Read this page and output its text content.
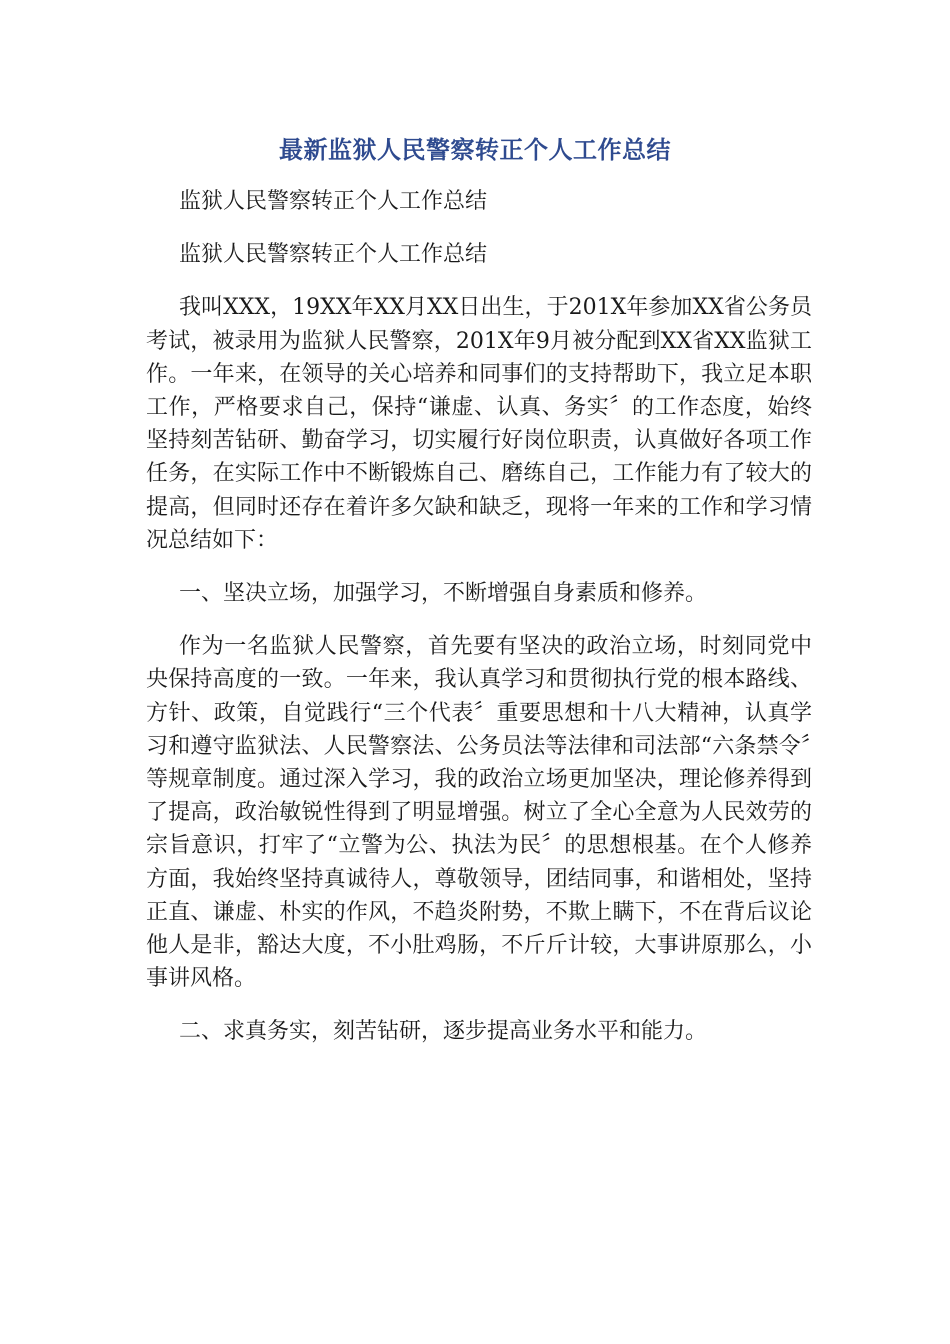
最新监狱人民警察转正个人工作总结

监狱人民警察转正个人工作总结

监狱人民警察转正个人工作总结

我叫XXX，19XX年XX月XX日出生，于201X年参加XX省公务员考试，被录用为监狱人民警察，201X年9月被分配到XX省XX监狱工作。一年来，在领导的关心培养和同事们的支持帮助下，我立足本职工作，严格要求自己，保持“谦虚、认真、务实〞的工作态度，始终坚持刻苦钻研、勤奋学习，切实履行好岗位职责，认真做好各项工作任务，在实际工作中不断锻炼自己、磨练自己，工作能力有了较大的提高，但同时还存在着许多欠缺和缺乏，现将一年来的工作和学习情况总结如下：

一、坚决立场，加强学习，不断增强自身素质和修养。

作为一名监狱人民警察，首先要有坚决的政治立场，时刻同党中央保持高度的一致。一年来，我认真学习和贯彻执行党的根本路线、方针、政策，自觉践行“三个代表〞重要思想和十八大精神，认真学习和遵守监狱法、人民警察法、公务员法等法律和司法部“六条禁令〞等规章制度。通过深入学习，我的政治立场更加坚决，理论修养得到了提高，政治敏锐性得到了明显增强。树立了全心全意为人民效劳的宗旨意识，打牢了“立警为公、执法为民〞的思想根基。在个人修养方面，我始终坚持真诚待人，尊敬领导，团结同事，和谐相处，坚持正直、谦虚、朴实的作风，不趋炎附势，不欺上瞒下，不在背后议论他人是非，豁达大度，不小肚鸡肠，不斤斤计较，大事讲原那么，小事讲风格。

二、求真务实，刻苦钻研，逐步提高业务水平和能力。
